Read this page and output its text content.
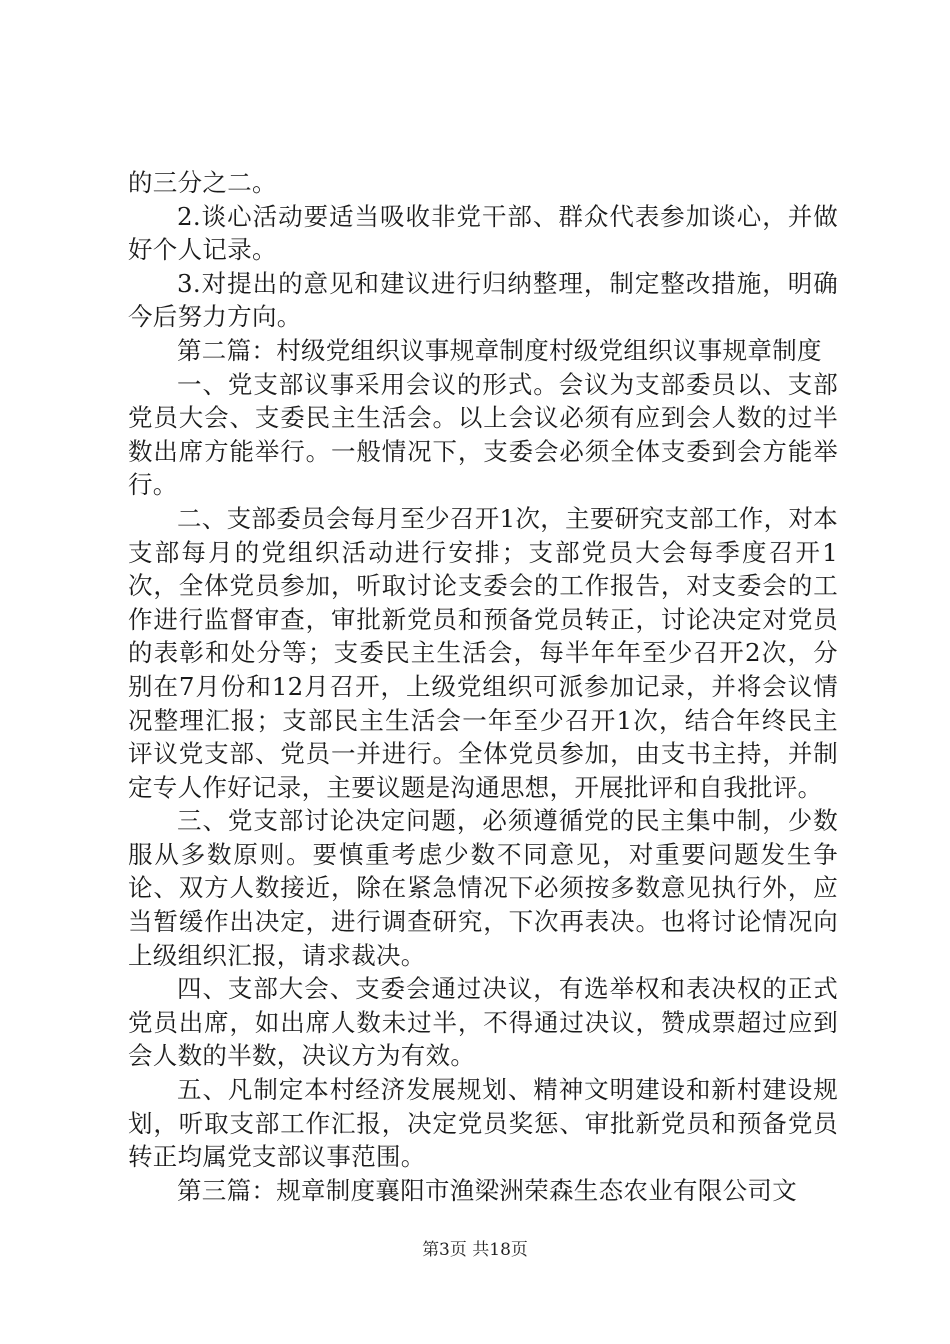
的三分之二。

2.谈心活动要适当吸收非党干部、群众代表参加谈心，并做好个人记录。

3.对提出的意见和建议进行归纳整理，制定整改措施，明确今后努力方向。

第二篇：村级党组织议事规章制度村级党组织议事规章制度

一、党支部议事采用会议的形式。会议为支部委员以、支部党员大会、支委民主生活会。以上会议必须有应到会人数的过半数出席方能举行。一般情况下，支委会必须全体支委到会方能举行。

二、支部委员会每月至少召开1次，主要研究支部工作，对本支部每月的党组织活动进行安排；支部党员大会每季度召开1次，全体党员参加，听取讨论支委会的工作报告，对支委会的工作进行监督审查，审批新党员和预备党员转正，讨论决定对党员的表彰和处分等；支委民主生活会，每半年年至少召开2次，分别在7月份和12月召开，上级党组织可派参加记录，并将会议情况整理汇报；支部民主生活会一年至少召开1次，结合年终民主评议党支部、党员一并进行。全体党员参加，由支书主持，并制定专人作好记录，主要议题是沟通思想，开展批评和自我批评。

三、党支部讨论决定问题，必须遵循党的民主集中制，少数服从多数原则。要慎重考虑少数不同意见，对重要问题发生争论、双方人数接近，除在紧急情况下必须按多数意见执行外，应当暂缓作出决定，进行调查研究，下次再表决。也将讨论情况向上级组织汇报，请求裁决。

四、支部大会、支委会通过决议，有选举权和表决权的正式党员出席，如出席人数未过半，不得通过决议，赞成票超过应到会人数的半数，决议方为有效。

五、凡制定本村经济发展规划、精神文明建设和新村建设规划，听取支部工作汇报，决定党员奖惩、审批新党员和预备党员转正均属党支部议事范围。

第三篇：规章制度襄阳市渔梁洲荣森生态农业有限公司文

第3页 共18页
